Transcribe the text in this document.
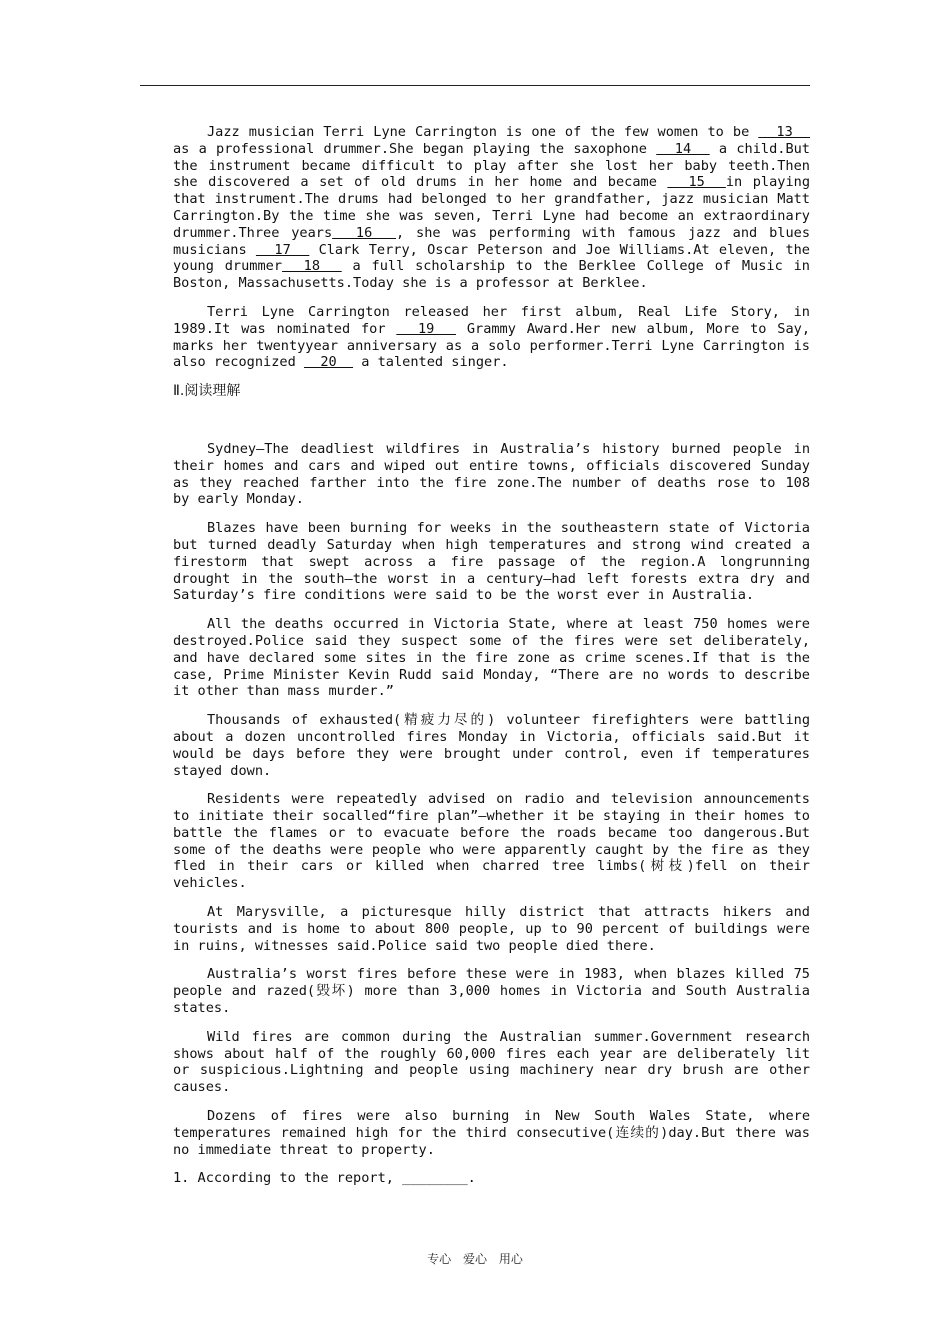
Jazz musician Terri Lyne Carrington is one of the few women to be   13   as a professional drummer.She began playing the saxophone   14   a child.But the instrument became difficult to play after she lost her baby teeth.Then she discovered a set of old drums in her home and became   15  in playing that instrument.The drums had belonged to her grandfather, jazz musician Matt Carrington.By the time she was seven, Terri Lyne had become an extraordinary drummer.Three years  16  , she was performing with famous jazz and blues musicians   17   Clark Terry, Oscar Peterson and Joe Williams.At eleven, the young drummer  18   a full scholarship to the Berklee College of Music in Boston, Massachusetts.Today she is a professor at Berklee.

Terri Lyne Carrington released her first album, Real Life Story, in 1989.It was nominated for   19   Grammy Award.Her new album, More to Say, marks her twentyyear anniversary as a solo performer.Terri Lyne Carrington is also recognized   20   a talented singer.

Ⅱ.阅读理解

Sydney—The deadliest wildfires in Australia’s history burned people in their homes and cars and wiped out entire towns, officials discovered Sunday as they reached farther into the fire zone.The number of deaths rose to 108 by early Monday.

Blazes have been burning for weeks in the southeastern state of Victoria but turned deadly Saturday when high temperatures and strong wind created a firestorm that swept across a fire passage of the region.A longrunning drought in the south—the worst in a century—had left forests extra dry and Saturday’s fire conditions were said to be the worst ever in Australia.

All the deaths occurred in Victoria State, where at least 750 homes were destroyed.Police said they suspect some of the fires were set deliberately, and have declared some sites in the fire zone as crime scenes.If that is the case, Prime Minister Kevin Rudd said Monday, “There are no words to describe it other than mass murder.”

Thousands of exhausted(精疲力尽的) volunteer firefighters were battling about a dozen uncontrolled fires Monday in Victoria, officials said.But it would be days before they were brought under control, even if temperatures stayed down.

Residents were repeatedly advised on radio and television announcements to initiate their socalled“fire plan”—whether it be staying in their homes to battle the flames or to evacuate before the roads became too dangerous.But some of the deaths were people who were apparently caught by the fire as they fled in their cars or killed when charred tree limbs(树枝)fell on their vehicles.

At Marysville, a picturesque hilly district that attracts hikers and tourists and is home to about 800 people, up to 90 percent of buildings were in ruins, witnesses said.Police said two people died there.

Australia’s worst fires before these were in 1983, when blazes killed 75 people and razed(毁坏) more than 3,000 homes in Victoria and South Australia states.

Wild fires are common during the Australian summer.Government research shows about half of the roughly 60,000 fires each year are deliberately lit or suspicious.Lightning and people using machinery near dry brush are other causes.

Dozens of fires were also burning in New South Wales State, where temperatures remained high for the third consecutive(连续的)day.But there was no immediate threat to property.

1. According to the report, ________.

专心 爱心 用心
